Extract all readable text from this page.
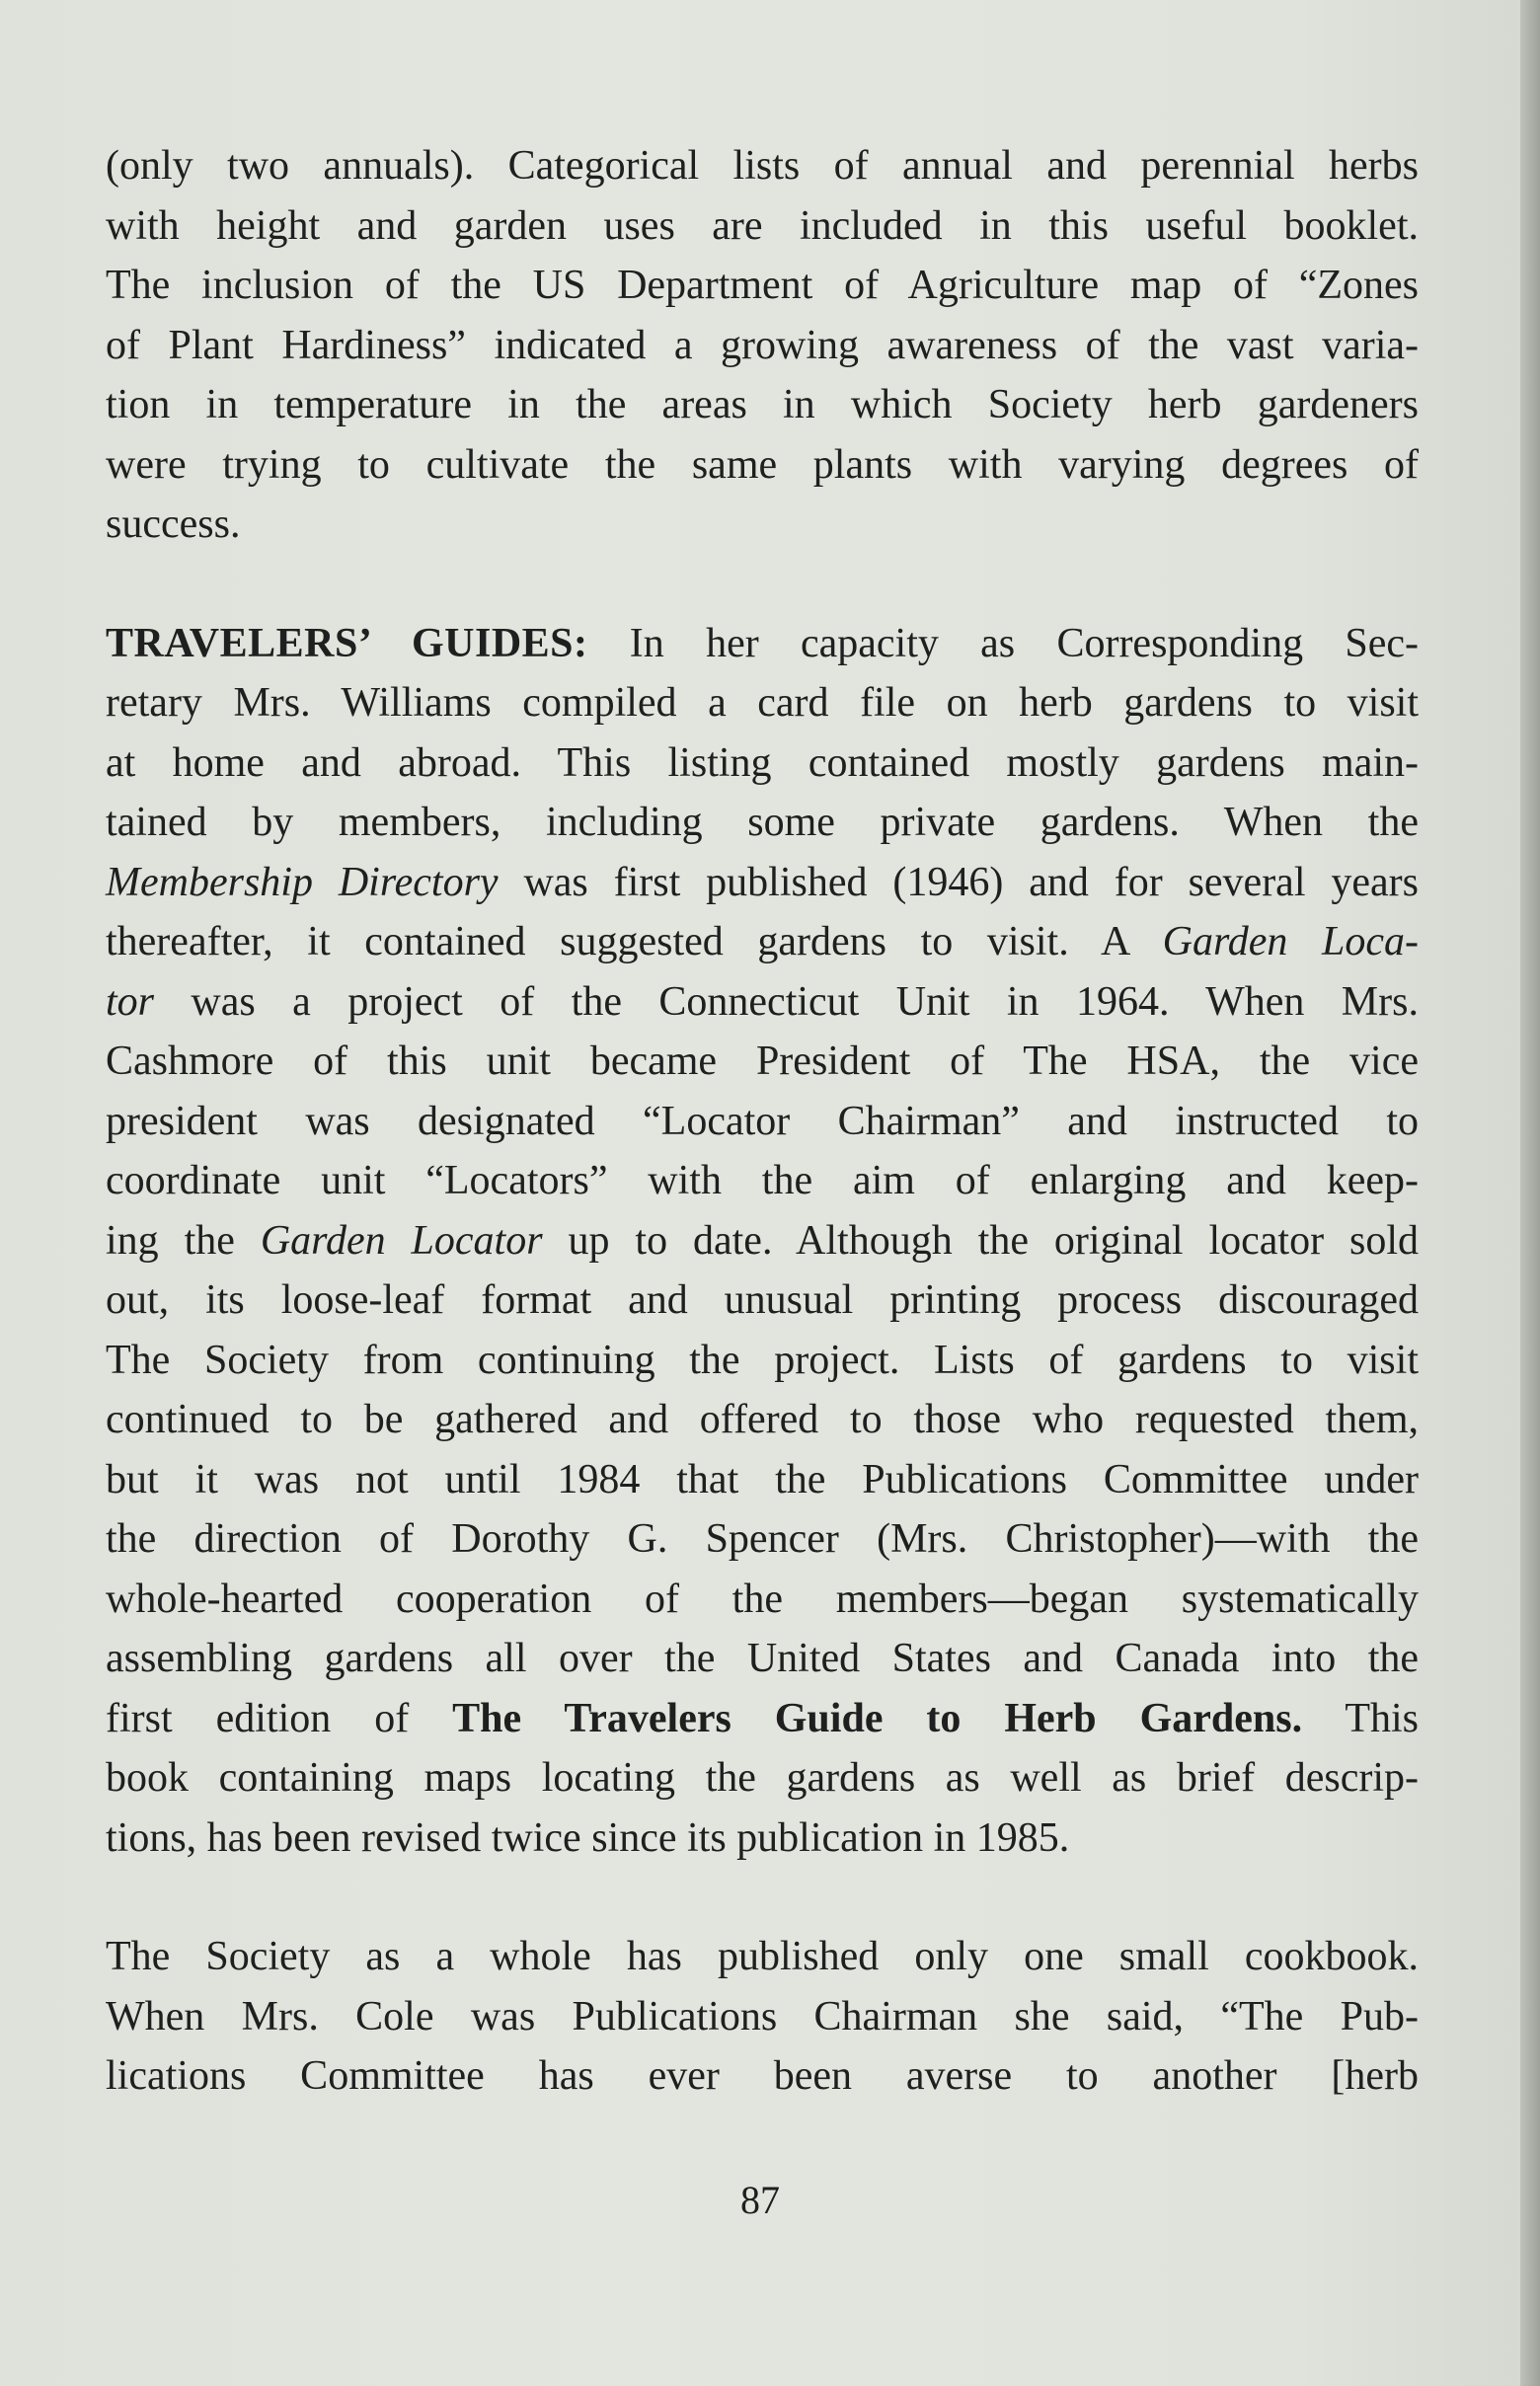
(only two annuals). Categorical lists of annual and perennial herbs
with height and garden uses are included in this useful booklet.
The inclusion of the US Department of Agriculture map of “Zones
of Plant Hardiness” indicated a growing awareness of the vast varia-
tion in temperature in the areas in which Society herb gardeners
were trying to cultivate the same plants with varying degrees of
success.
TRAVELERS’ GUIDES: In her capacity as Corresponding Sec-
retary Mrs. Williams compiled a card file on herb gardens to visit
at home and abroad. This listing contained mostly gardens main-
tained by members, including some private gardens. When the
Membership Directory was first published (1946) and for several years
thereafter, it contained suggested gardens to visit. A Garden Loca-
tor was a project of the Connecticut Unit in 1964. When Mrs.
Cashmore of this unit became President of The HSA, the vice
president was designated “Locator Chairman” and instructed to
coordinate unit “Locators” with the aim of enlarging and keep-
ing the Garden Locator up to date. Although the original locator sold
out, its loose-leaf format and unusual printing process discouraged
The Society from continuing the project. Lists of gardens to visit
continued to be gathered and offered to those who requested them,
but it was not until 1984 that the Publications Committee under
the direction of Dorothy G. Spencer (Mrs. Christopher)—with the
whole-hearted cooperation of the members—began systematically
assembling gardens all over the United States and Canada into the
first edition of The Travelers Guide to Herb Gardens. This
book containing maps locating the gardens as well as brief descrip-
tions, has been revised twice since its publication in 1985.
The Society as a whole has published only one small cookbook.
When Mrs. Cole was Publications Chairman she said, “The Pub-
lications Committee has ever been averse to another [herb
87
